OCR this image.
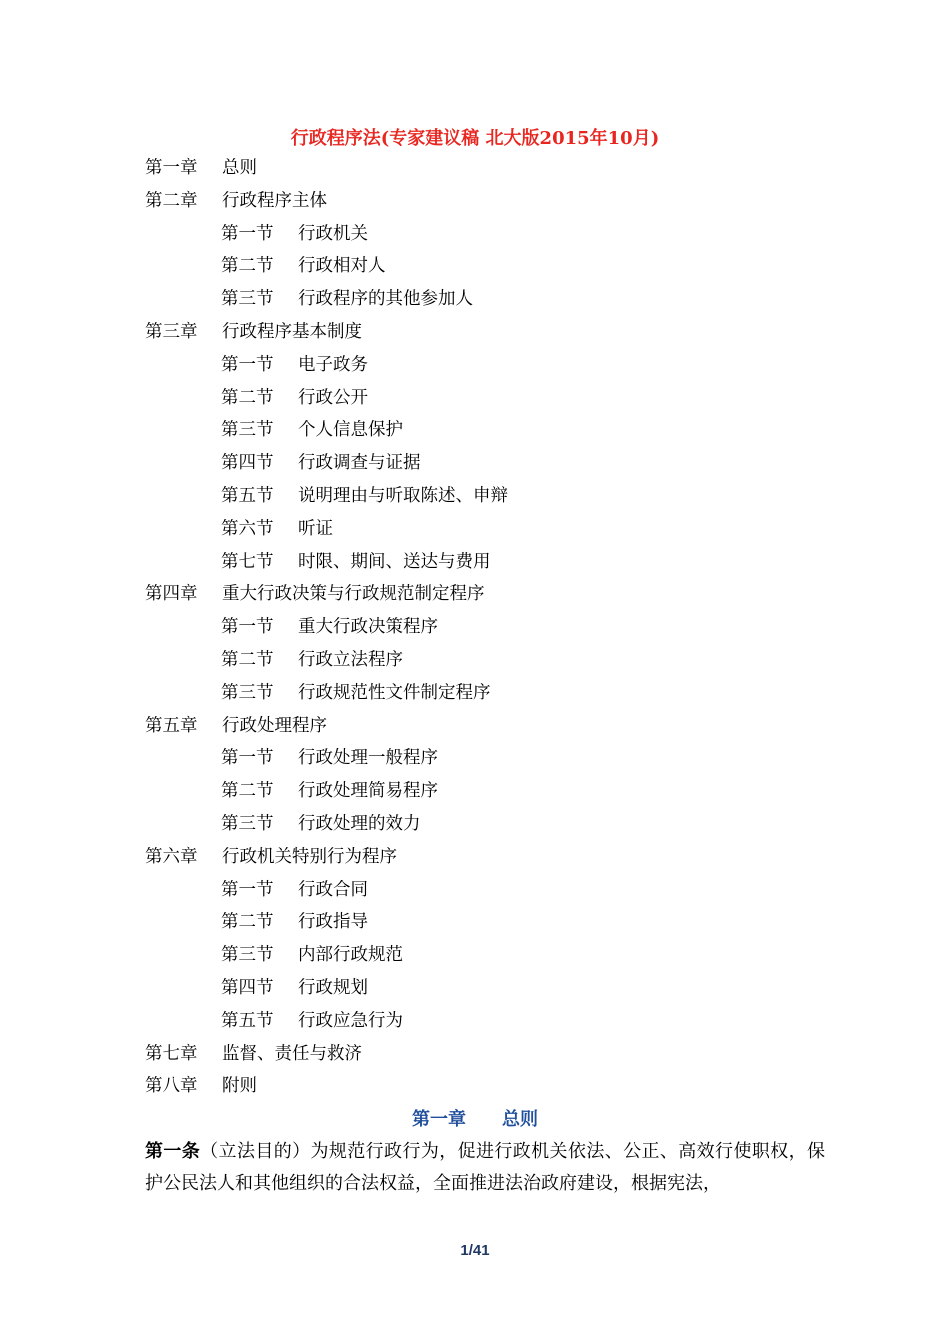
行政程序法(专家建议稿 北大版2015年10月)
第一章 总则
第二章 行政程序主体
第一节 行政机关
第二节 行政相对人
第三节 行政程序的其他参加人
第三章 行政程序基本制度
第一节 电子政务
第二节 行政公开
第三节 个人信息保护
第四节 行政调查与证据
第五节 说明理由与听取陈述、申辩
第六节 听证
第七节 时限、期间、送达与费用
第四章 重大行政决策与行政规范制定程序
第一节 重大行政决策程序
第二节 行政立法程序
第三节 行政规范性文件制定程序
第五章 行政处理程序
第一节 行政处理一般程序
第二节 行政处理简易程序
第三节 行政处理的效力
第六章 行政机关特别行为程序
第一节 行政合同
第二节 行政指导
第三节 内部行政规范
第四节 行政规划
第五节 行政应急行为
第七章 监督、责任与救济
第八章 附则
第一章 总则
第一条（立法目的）为规范行政行为，促进行政机关依法、公正、高效行使职权，保护公民法人和其他组织的合法权益，全面推进法治政府建设，根据宪法，
1/41
